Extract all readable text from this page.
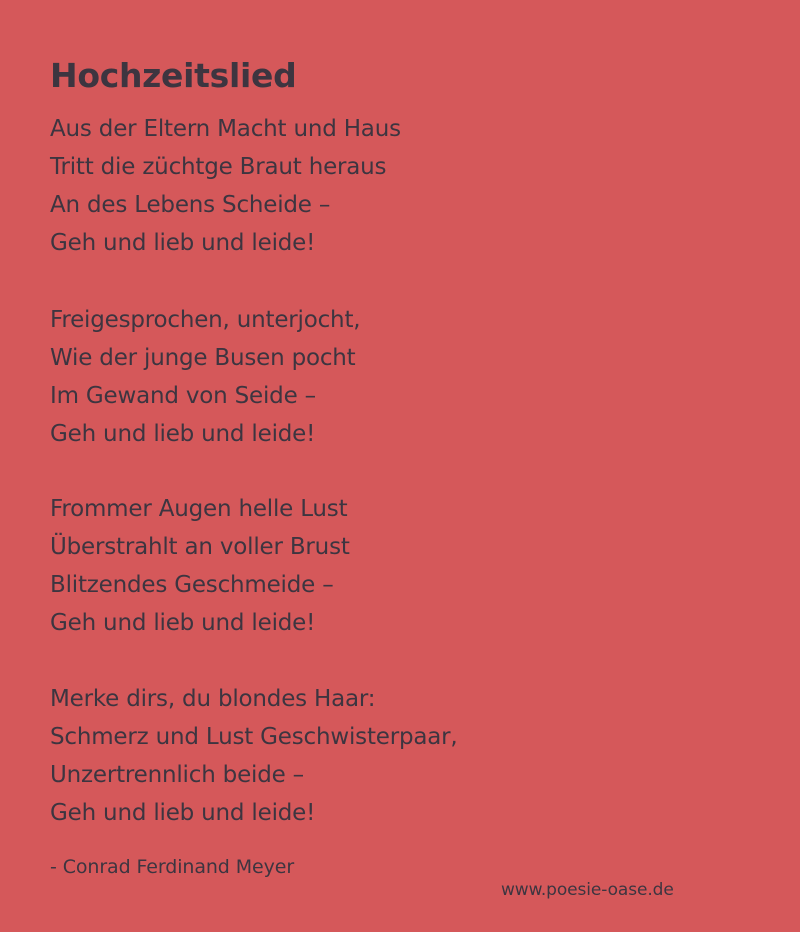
Hochzeitslied
Aus der Eltern Macht und Haus
Tritt die züchtge Braut heraus
An des Lebens Scheide –
Geh und lieb und leide!
Freigesprochen, unterjocht,
Wie der junge Busen pocht
Im Gewand von Seide –
Geh und lieb und leide!
Frommer Augen helle Lust
Überstrahlt an voller Brust
Blitzendes Geschmeide –
Geh und lieb und leide!
Merke dirs, du blondes Haar:
Schmerz und Lust Geschwisterpaar,
Unzertrennlich beide –
Geh und lieb und leide!
- Conrad Ferdinand Meyer
www.poesie-oase.de
